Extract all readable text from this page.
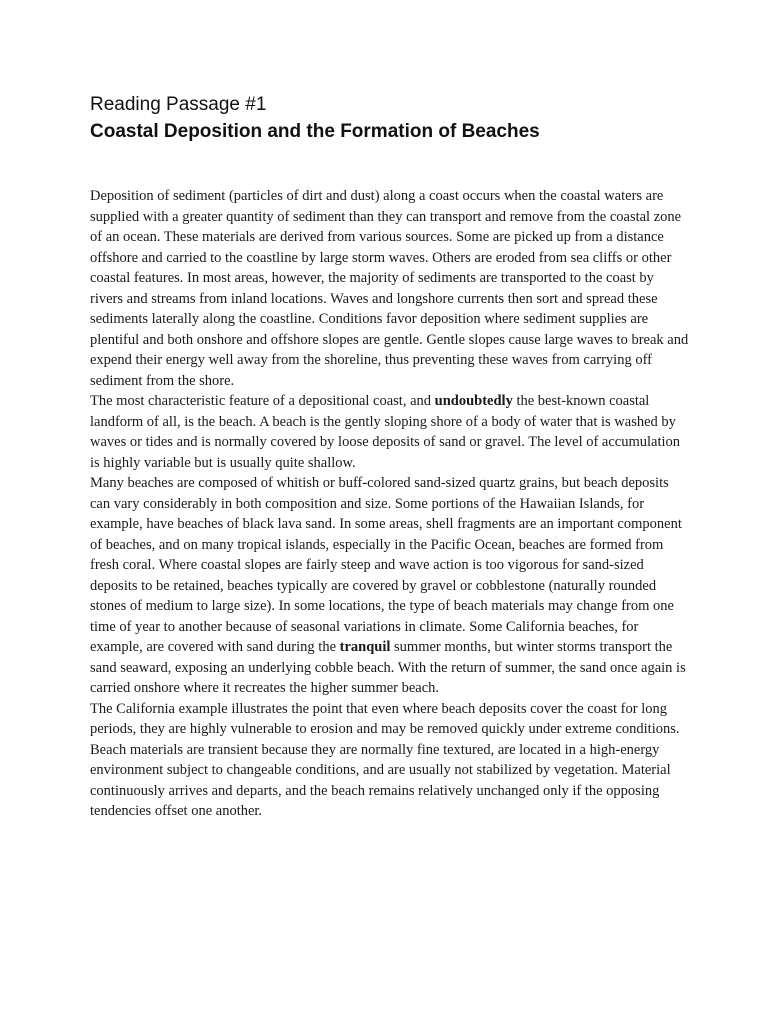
Reading Passage #1
Coastal Deposition and the Formation of Beaches

Deposition of sediment (particles of dirt and dust) along a coast occurs when the coastal waters are supplied with a greater quantity of sediment than they can transport and remove from the coastal zone of an ocean. These materials are derived from various sources. Some are picked up from a distance offshore and carried to the coastline by large storm waves. Others are eroded from sea cliffs or other coastal features. In most areas, however, the majority of sediments are transported to the coast by rivers and streams from inland locations. Waves and longshore currents then sort and spread these sediments laterally along the coastline. Conditions favor deposition where sediment supplies are plentiful and both onshore and offshore slopes are gentle. Gentle slopes cause large waves to break and expend their energy well away from the shoreline, thus preventing these waves from carrying off sediment from the shore.

The most characteristic feature of a depositional coast, and undoubtedly the best-known coastal landform of all, is the beach. A beach is the gently sloping shore of a body of water that is washed by waves or tides and is normally covered by loose deposits of sand or gravel. The level of accumulation is highly variable but is usually quite shallow.

Many beaches are composed of whitish or buff-colored sand-sized quartz grains, but beach deposits can vary considerably in both composition and size. Some portions of the Hawaiian Islands, for example, have beaches of black lava sand. In some areas, shell fragments are an important component of beaches, and on many tropical islands, especially in the Pacific Ocean, beaches are formed from fresh coral. Where coastal slopes are fairly steep and wave action is too vigorous for sand-sized deposits to be retained, beaches typically are covered by gravel or cobblestone (naturally rounded stones of medium to large size). In some locations, the type of beach materials may change from one time of year to another because of seasonal variations in climate. Some California beaches, for example, are covered with sand during the tranquil summer months, but winter storms transport the sand seaward, exposing an underlying cobble beach. With the return of summer, the sand once again is carried onshore where it recreates the higher summer beach.

The California example illustrates the point that even where beach deposits cover the coast for long periods, they are highly vulnerable to erosion and may be removed quickly under extreme conditions. Beach materials are transient because they are normally fine textured, are located in a high-energy environment subject to changeable conditions, and are usually not stabilized by vegetation. Material continuously arrives and departs, and the beach remains relatively unchanged only if the opposing tendencies offset one another.
